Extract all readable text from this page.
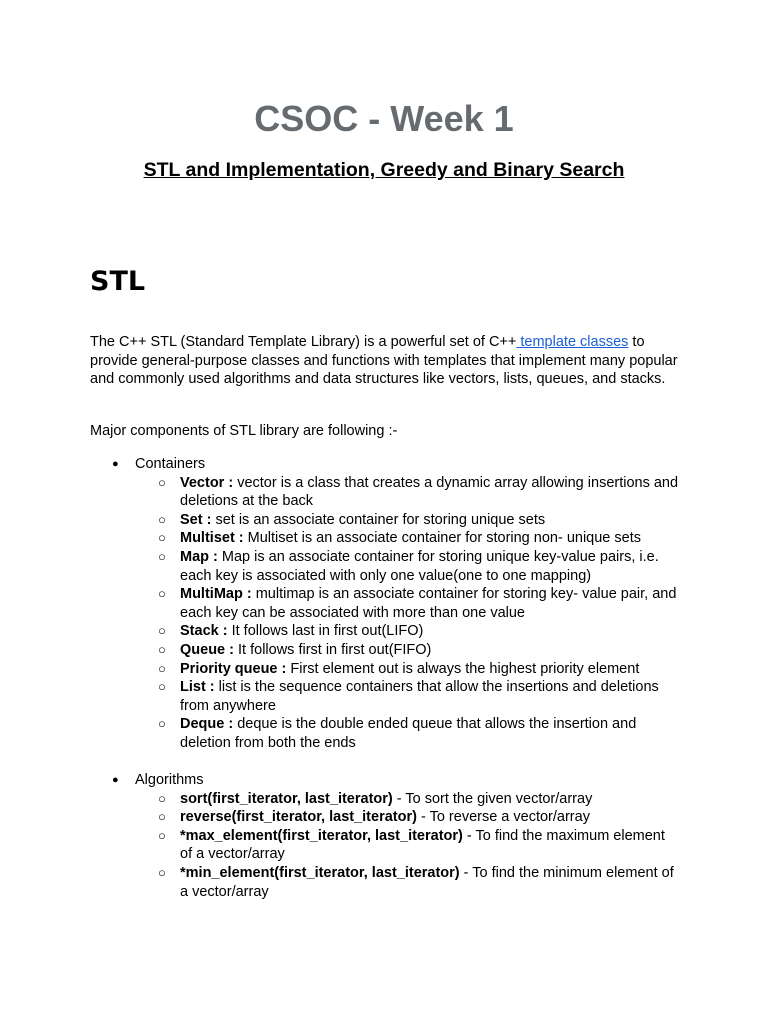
CSOC - Week 1
STL and Implementation, Greedy and Binary Search
STL

The C++ STL (Standard Template Library) is a powerful set of C++ template classes to provide general-purpose classes and functions with templates that implement many popular and commonly used algorithms and data structures like vectors, lists, queues, and stacks.

Major components of STL library are following :-

● Containers
○ Vector : vector is a class that creates a dynamic array allowing insertions and deletions at the back
○ Set : set is an associate container for storing unique sets
○ Multiset : Multiset is an associate container for storing non- unique sets
○ Map : Map is an associate container for storing unique key-value pairs, i.e. each key is associated with only one value(one to one mapping)
○ MultiMap : multimap is an associate container for storing key- value pair, and each key can be associated with more than one value
○ Stack : It follows last in first out(LIFO)
○ Queue : It follows first in first out(FIFO)
○ Priority queue : First element out is always the highest priority element
○ List : list is the sequence containers that allow the insertions and deletions from anywhere
○ Deque : deque is the double ended queue that allows the insertion and deletion from both the ends
● Algorithms
○ sort(first_iterator, last_iterator) - To sort the given vector/array
○ reverse(first_iterator, last_iterator) - To reverse a vector/array
○ *max_element(first_iterator, last_iterator) - To find the maximum element of a vector/array
○ *min_element(first_iterator, last_iterator) - To find the minimum element of a vector/array
